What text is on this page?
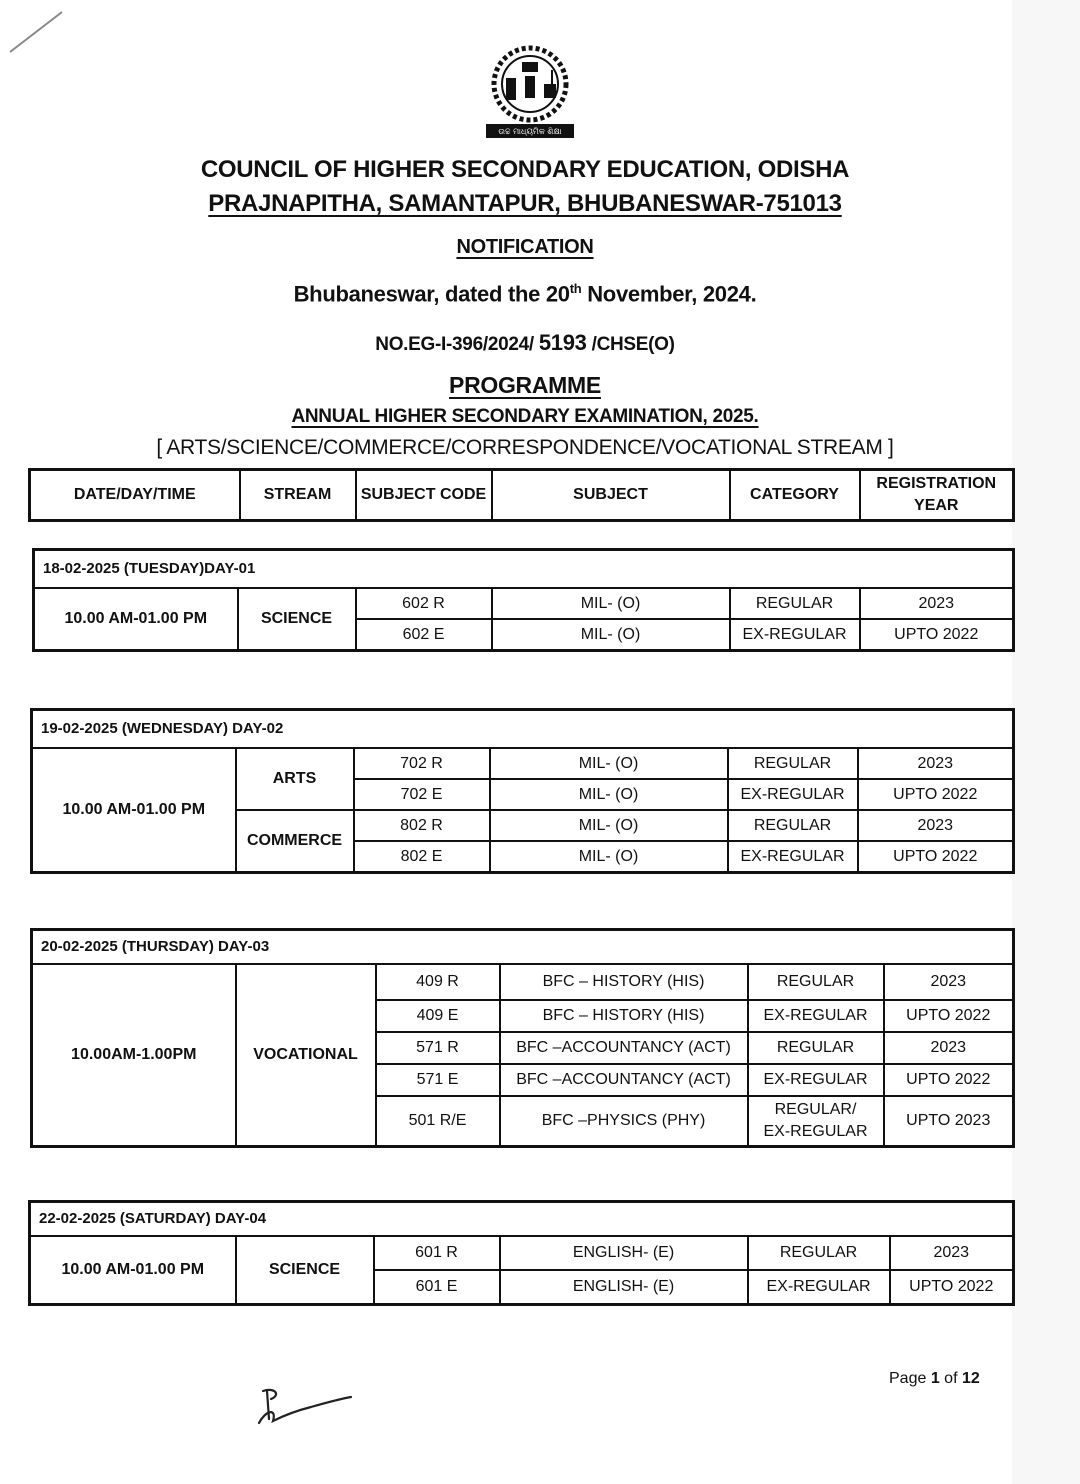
ଉଚ୍ଚ ମାଧ୍ୟମିକ ଶିକ୍ଷା
COUNCIL OF HIGHER SECONDARY EDUCATION, ODISHA
PRAJNAPITHA, SAMANTAPUR, BHUBANESWAR-751013
NOTIFICATION
Bhubaneswar, dated the 20th November, 2024.
NO.EG-I-396/2024/ 5193 /CHSE(O)
PROGRAMME
ANNUAL HIGHER SECONDARY EXAMINATION, 2025.
[ ARTS/SCIENCE/COMMERCE/CORRESPONDENCE/VOCATIONAL STREAM ]
DATE/DAY/TIME	STREAM	SUBJECT CODE	SUBJECT	CATEGORY	REGISTRATION YEAR
18-02-2025 (TUESDAY)DAY-01					
10.00 AM-01.00 PM	SCIENCE	602 R	MIL- (O)	REGULAR	2023
		602 E	MIL- (O)	EX-REGULAR	UPTO 2022
19-02-2025 (WEDNESDAY) DAY-02					
10.00 AM-01.00 PM	ARTS	702 R	MIL- (O)	REGULAR	2023
		702 E	MIL- (O)	EX-REGULAR	UPTO 2022
	COMMERCE	802 R	MIL- (O)	REGULAR	2023
		802 E	MIL- (O)	EX-REGULAR	UPTO 2022
20-02-2025 (THURSDAY) DAY-03					
10.00AM-1.00PM	VOCATIONAL	409 R	BFC – HISTORY (HIS)	REGULAR	2023
		409 E	BFC – HISTORY (HIS)	EX-REGULAR	UPTO 2022
		571 R	BFC –ACCOUNTANCY (ACT)	REGULAR	2023
		571 E	BFC –ACCOUNTANCY (ACT)	EX-REGULAR	UPTO 2022
		501 R/E	BFC –PHYSICS (PHY)	REGULAR/ EX-REGULAR	UPTO 2023
22-02-2025 (SATURDAY) DAY-04					
10.00 AM-01.00 PM	SCIENCE	601 R	ENGLISH- (E)	REGULAR	2023
		601 E	ENGLISH- (E)	EX-REGULAR	UPTO 2022
Page 1 of 12
